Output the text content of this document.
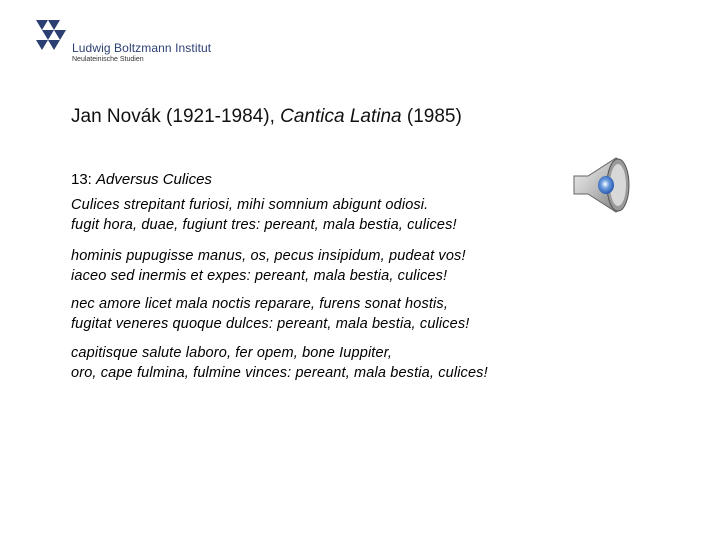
Ludwig Boltzmann Institut
Neulateinische Studien
Jan Novák (1921-1984), Cantica Latina (1985)
13: Adversus Culices
Culices strepitant furiosi, mihi somnium abigunt odiosi.
fugit hora, duae, fugiunt tres: pereant, mala bestia, culices!
hominis pupugisse manus, os, pecus insipidum, pudeat vos!
iaceo sed inermis et expes: pereant, mala bestia, culices!
nec amore licet mala noctis reparare, furens sonat hostis,
fugitat veneres quoque dulces: pereant, mala bestia, culices!
capitisque salute laboro, fer opem, bone Iuppiter,
oro, cape fulmina, fulmine vinces: pereant, mala bestia, culices!
